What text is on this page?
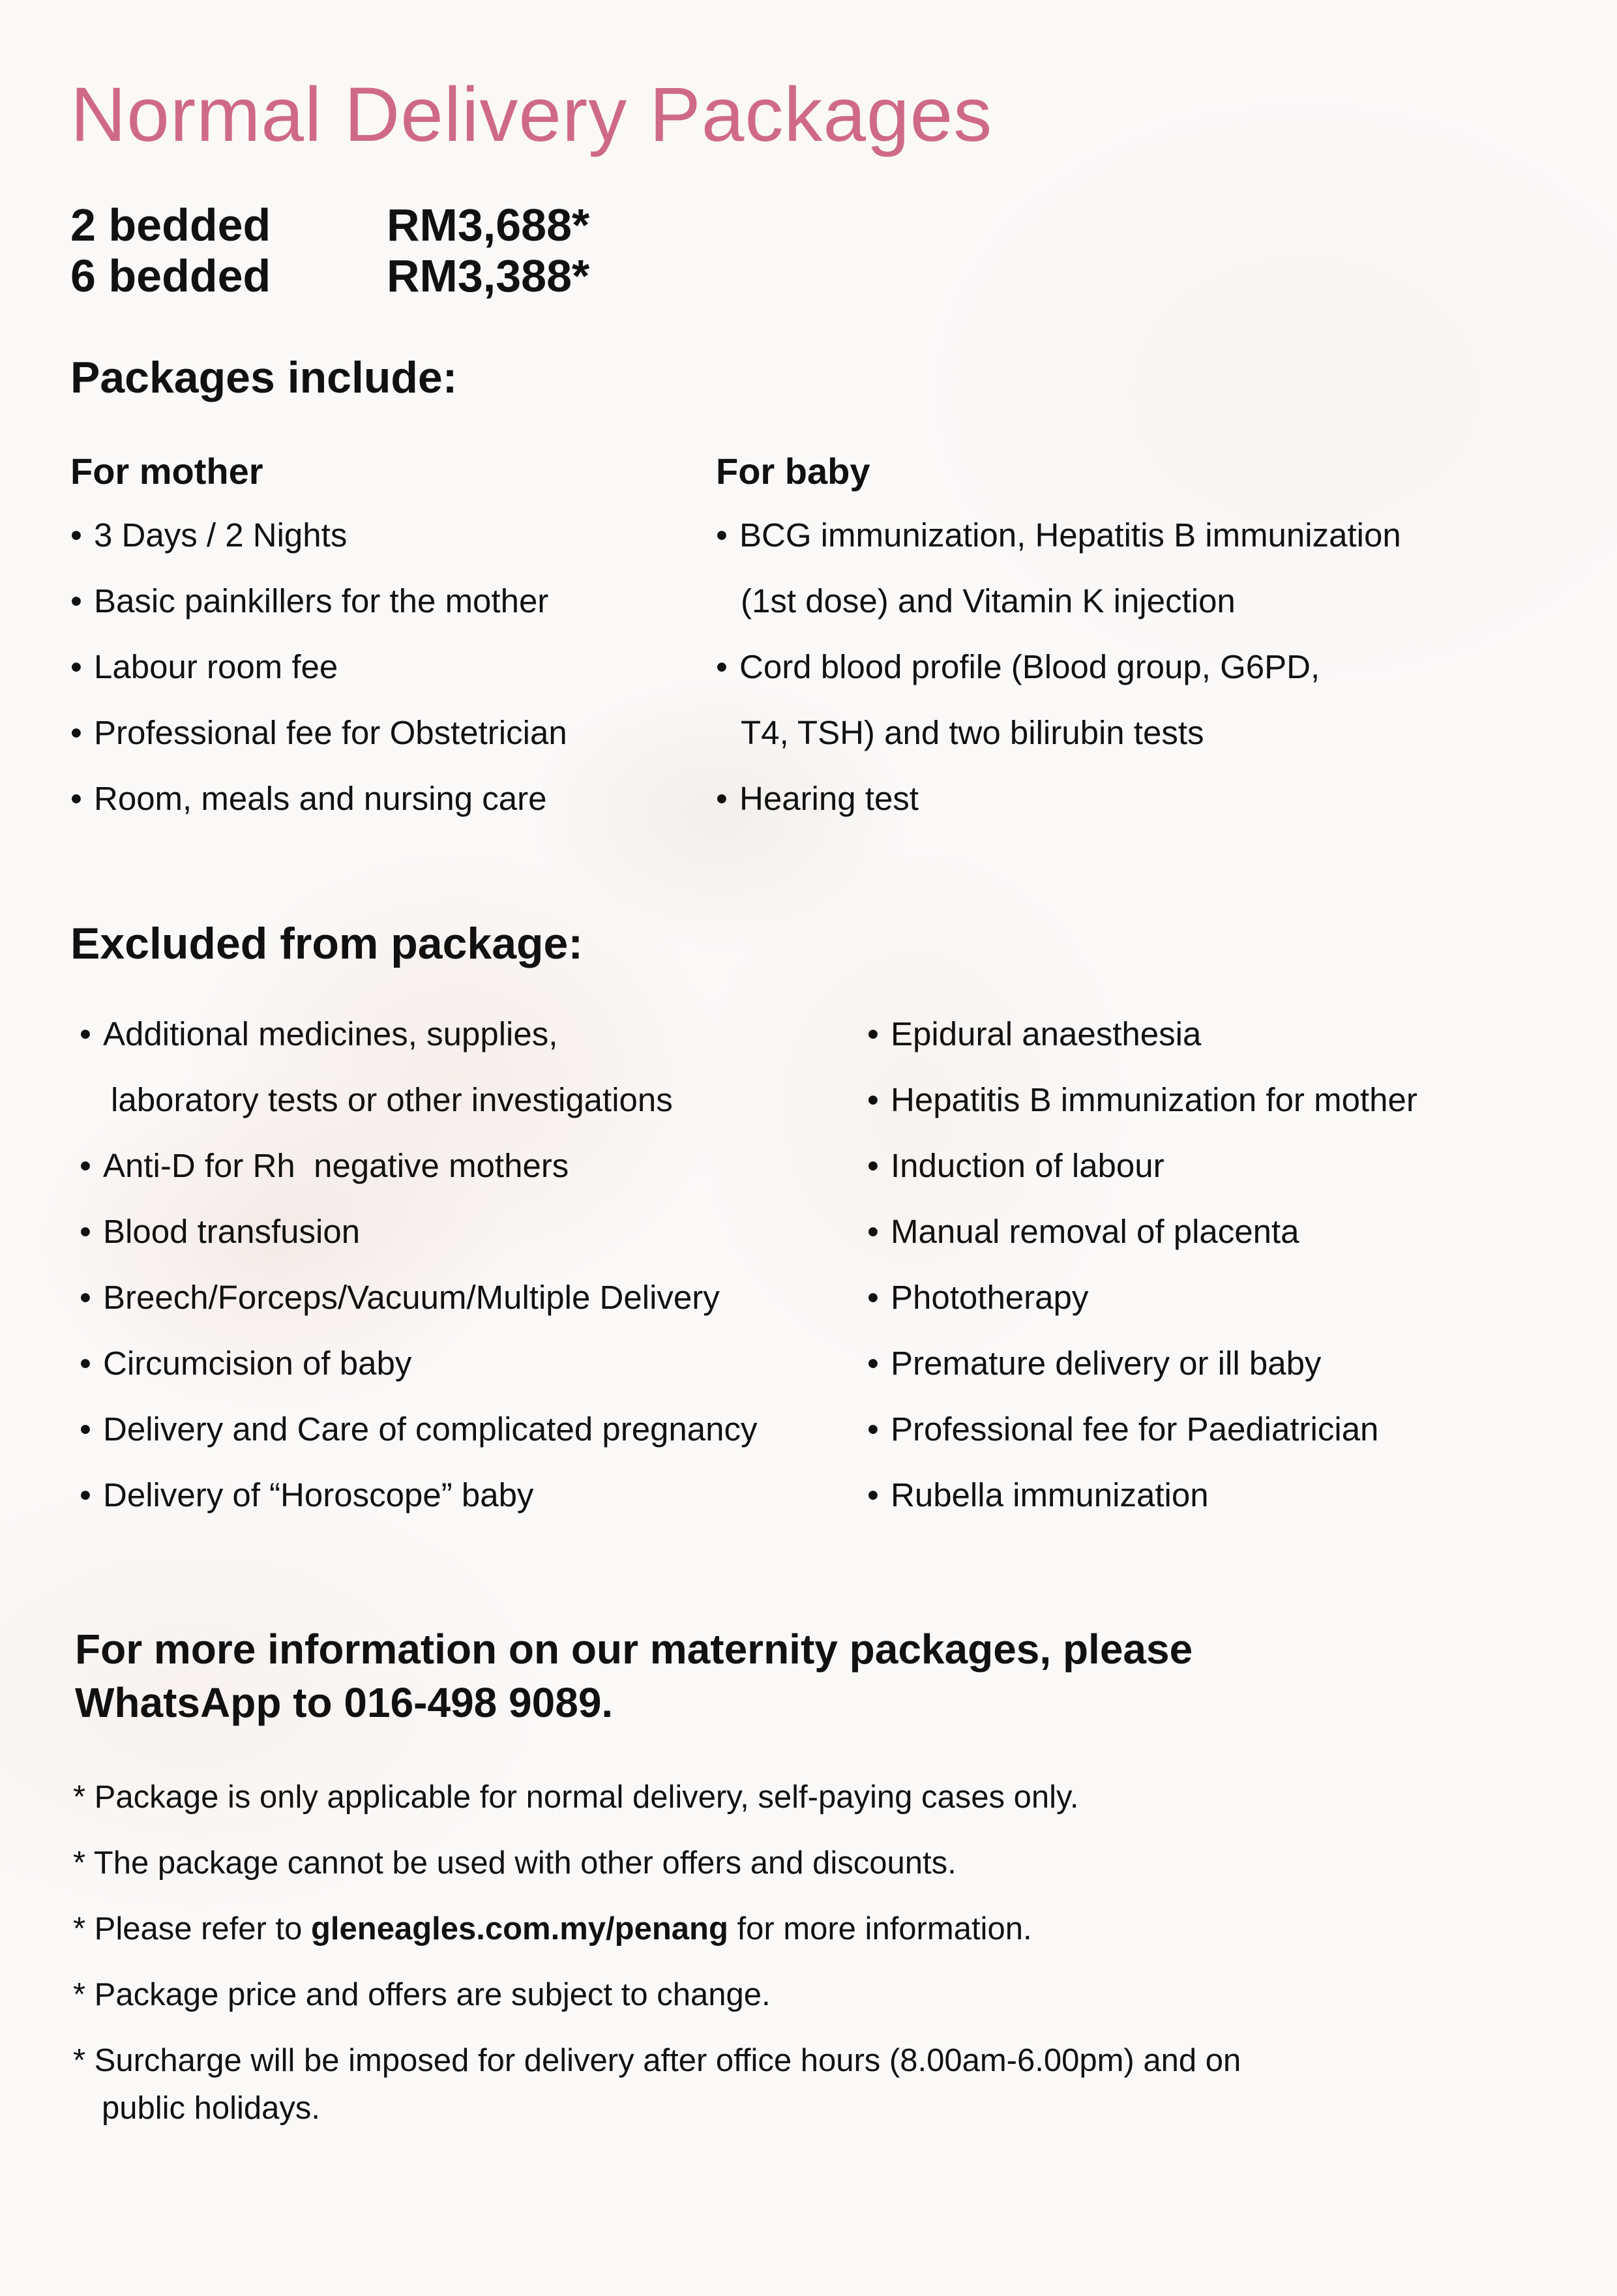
Normal Delivery Packages
2 bedded	RM3,688*
6 bedded	RM3,388*
Packages include:
For mother
• 3 Days / 2 Nights
• Basic painkillers for the mother
• Labour room fee
• Professional fee for Obstetrician
• Room, meals and nursing care
For baby
• BCG immunization, Hepatitis B immunization
(1st dose) and Vitamin K injection
• Cord blood profile (Blood group, G6PD,
T4, TSH) and two bilirubin tests
• Hearing test
Excluded from package:
• Additional medicines, supplies,
laboratory tests or other investigations
• Anti-D for Rh  negative mothers
• Blood transfusion
• Breech/Forceps/Vacuum/Multiple Delivery
• Circumcision of baby
• Delivery and Care of complicated pregnancy
• Delivery of “Horoscope” baby
• Epidural anaesthesia
• Hepatitis B immunization for mother
• Induction of labour
• Manual removal of placenta
• Phototherapy
• Premature delivery or ill baby
• Professional fee for Paediatrician
• Rubella immunization
For more information on our maternity packages, please
WhatsApp to 016-498 9089.
* Package is only applicable for normal delivery, self-paying cases only.
* The package cannot be used with other offers and discounts.
* Please refer to gleneagles.com.my/penang for more information.
* Package price and offers are subject to change.
* Surcharge will be imposed for delivery after office hours (8.00am-6.00pm) and on
public holidays.
